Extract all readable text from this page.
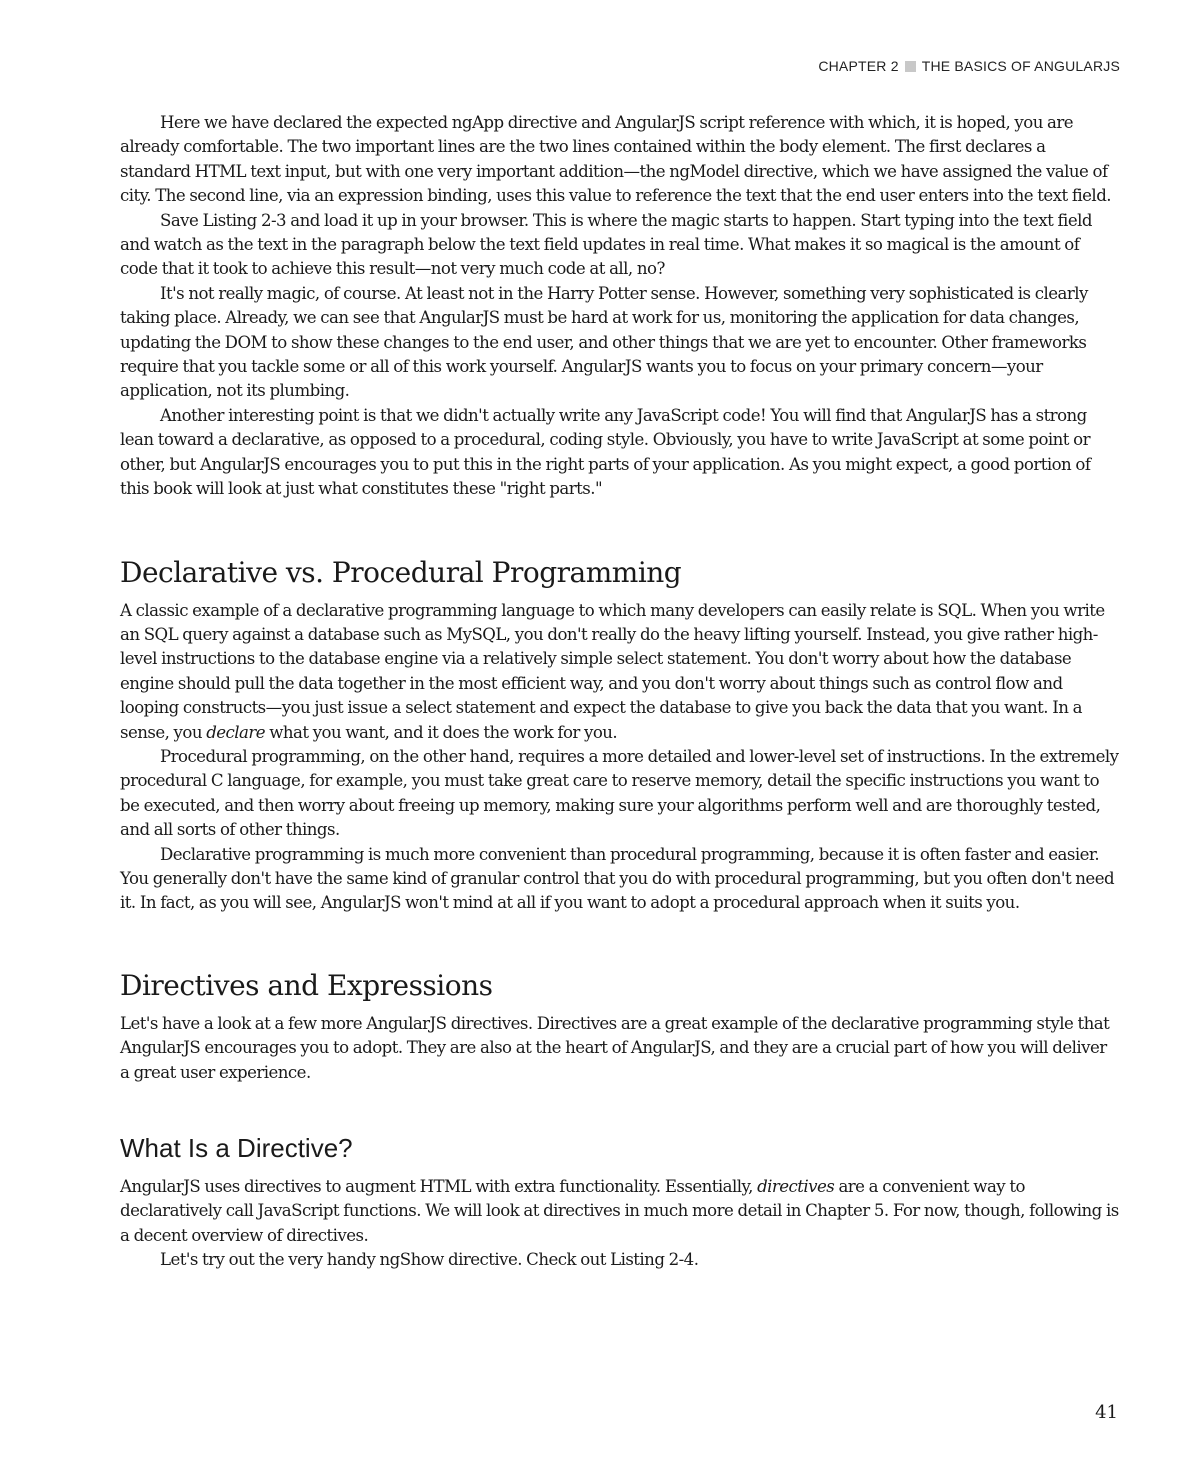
CHAPTER 2 THE BASICS OF ANGULARJS

Here we have declared the expected ngApp directive and AngularJS script reference with which, it is hoped, you are already comfortable. The two important lines are the two lines contained within the body element. The first declares a standard HTML text input, but with one very important addition—the ngModel directive, which we have assigned the value of city. The second line, via an expression binding, uses this value to reference the text that the end user enters into the text field.

Save Listing 2-3 and load it up in your browser. This is where the magic starts to happen. Start typing into the text field and watch as the text in the paragraph below the text field updates in real time. What makes it so magical is the amount of code that it took to achieve this result—not very much code at all, no?

It's not really magic, of course. At least not in the Harry Potter sense. However, something very sophisticated is clearly taking place. Already, we can see that AngularJS must be hard at work for us, monitoring the application for data changes, updating the DOM to show these changes to the end user, and other things that we are yet to encounter. Other frameworks require that you tackle some or all of this work yourself. AngularJS wants you to focus on your primary concern—your application, not its plumbing.

Another interesting point is that we didn't actually write any JavaScript code! You will find that AngularJS has a strong lean toward a declarative, as opposed to a procedural, coding style. Obviously, you have to write JavaScript at some point or other, but AngularJS encourages you to put this in the right parts of your application. As you might expect, a good portion of this book will look at just what constitutes these "right parts."

Declarative vs. Procedural Programming

A classic example of a declarative programming language to which many developers can easily relate is SQL. When you write an SQL query against a database such as MySQL, you don't really do the heavy lifting yourself. Instead, you give rather high-level instructions to the database engine via a relatively simple select statement. You don't worry about how the database engine should pull the data together in the most efficient way, and you don't worry about things such as control flow and looping constructs—you just issue a select statement and expect the database to give you back the data that you want. In a sense, you declare what you want, and it does the work for you.

Procedural programming, on the other hand, requires a more detailed and lower-level set of instructions. In the extremely procedural C language, for example, you must take great care to reserve memory, detail the specific instructions you want to be executed, and then worry about freeing up memory, making sure your algorithms perform well and are thoroughly tested, and all sorts of other things.

Declarative programming is much more convenient than procedural programming, because it is often faster and easier. You generally don't have the same kind of granular control that you do with procedural programming, but you often don't need it. In fact, as you will see, AngularJS won't mind at all if you want to adopt a procedural approach when it suits you.

Directives and Expressions

Let's have a look at a few more AngularJS directives. Directives are a great example of the declarative programming style that AngularJS encourages you to adopt. They are also at the heart of AngularJS, and they are a crucial part of how you will deliver a great user experience.

What Is a Directive?

AngularJS uses directives to augment HTML with extra functionality. Essentially, directives are a convenient way to declaratively call JavaScript functions. We will look at directives in much more detail in Chapter 5. For now, though, following is a decent overview of directives.

Let's try out the very handy ngShow directive. Check out Listing 2-4.

41
